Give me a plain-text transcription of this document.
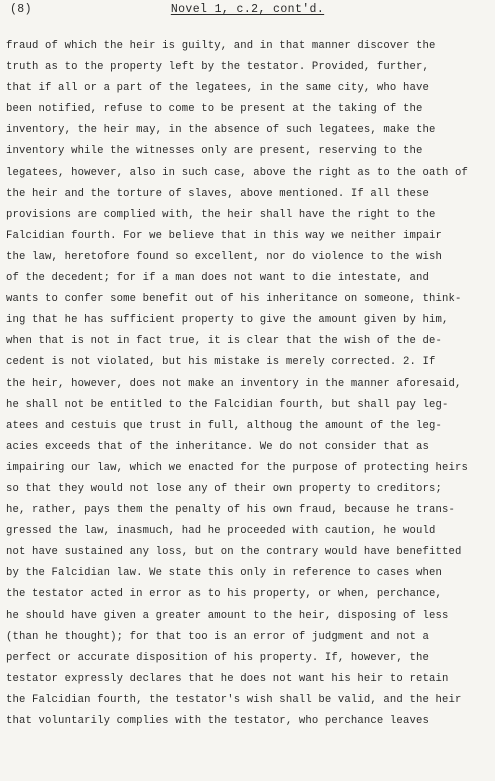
(8)	Novel 1, c.2, cont'd.
fraud of which the heir is guilty, and in that manner discover the
truth as to the property left by the testator. Provided, further,
that if all or a part of the legatees, in the same city, who have
been notified, refuse to come to be present at the taking of the
inventory, the heir may, in the absence of such legatees, make the
inventory while the witnesses only are present, reserving to the
legatees, however, also in such case, above the right as to the oath of
the heir and the torture of slaves, above mentioned. If all these
provisions are complied with, the heir shall have the right to the
Falcidian fourth. For we believe that in this way we neither impair
the law, heretofore found so excellent, nor do violence to the wish
of the decedent; for if a man does not want to die intestate, and
wants to confer some benefit out of his inheritance on someone, think-
ing that he has sufficient property to give the amount given by him,
when that is not in fact true, it is clear that the wish of the de-
cedent is not violated, but his mistake is merely corrected. 2. If
the heir, however, does not make an inventory in the manner aforesaid,
he shall not be entitled to the Falcidian fourth, but shall pay leg-
atees and cestuis que trust in full, althoug the amount of the leg-
acies exceeds that of the inheritance. We do not consider that as
impairing our law, which we enacted for the purpose of protecting heirs
so that they would not lose any of their own property to creditors;
he, rather, pays them the penalty of his own fraud, because he trans-
gressed the law, inasmuch, had he proceeded with caution, he would
not have sustained any loss, but on the contrary would have benefitted
by the Falcidian law. We state this only in reference to cases when
the testator acted in error as to his property, or when, perchance,
he should have given a greater amount to the heir, disposing of less
(than he thought); for that too is an error of judgment and not a
perfect or accurate disposition of his property. If, however, the
testator expressly declares that he does not want his heir to retain
the Falcidian fourth, the testator's wish shall be valid, and the heir
that voluntarily complies with the testator, who perchance leaves
